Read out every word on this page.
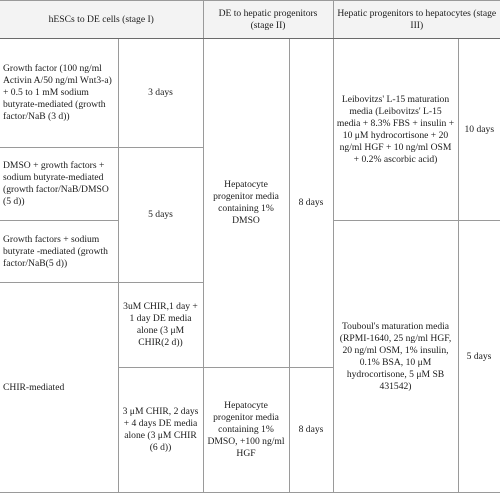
hESCs to DE cells (stage I)		DE to hepatic progenitors (stage II)		Hepatic progenitors to hepatocytes (stage III)		
Growth factor (100 ng/ml Activin A/50 ng/ml Wnt3-a) + 0.5 to 1 mM sodium butyrate-mediated (growth factor/NaB (3 d))	3 days	Hepatocyte progenitor media containing 1% DMSO	8 days	Leibovitzs' L-15 maturation media (Leibovitzs' L-15 media + 8.3% FBS + insulin + 10 μM hydrocortisone + 20 ng/ml HGF + 10 ng/ml OSM + 0.2% ascorbic acid)	10 days	
DMSO + growth factors + sodium butyrate-mediated (growth factor/NaB/DMSO (5 d))	5 days					
Growth factors + sodium butyrate -mediated (growth factor/NaB(5 d))				Touboul's maturation media (RPMI-1640, 25 ng/ml HGF, 20 ng/ml OSM, 1% insulin, 0.1% BSA, 10 μM hydrocortisone, 5 μM SB 431542)	5 days	
CHIR-mediated	3uM CHIR,1 day + 1 day DE media alone (3 μM CHIR(2 d))					
	3 μM CHIR, 2 days + 4 days DE media alone (3 μM CHIR (6 d))	Hepatocyte progenitor media containing 1% DMSO, +100 ng/ml HGF	8 days		
